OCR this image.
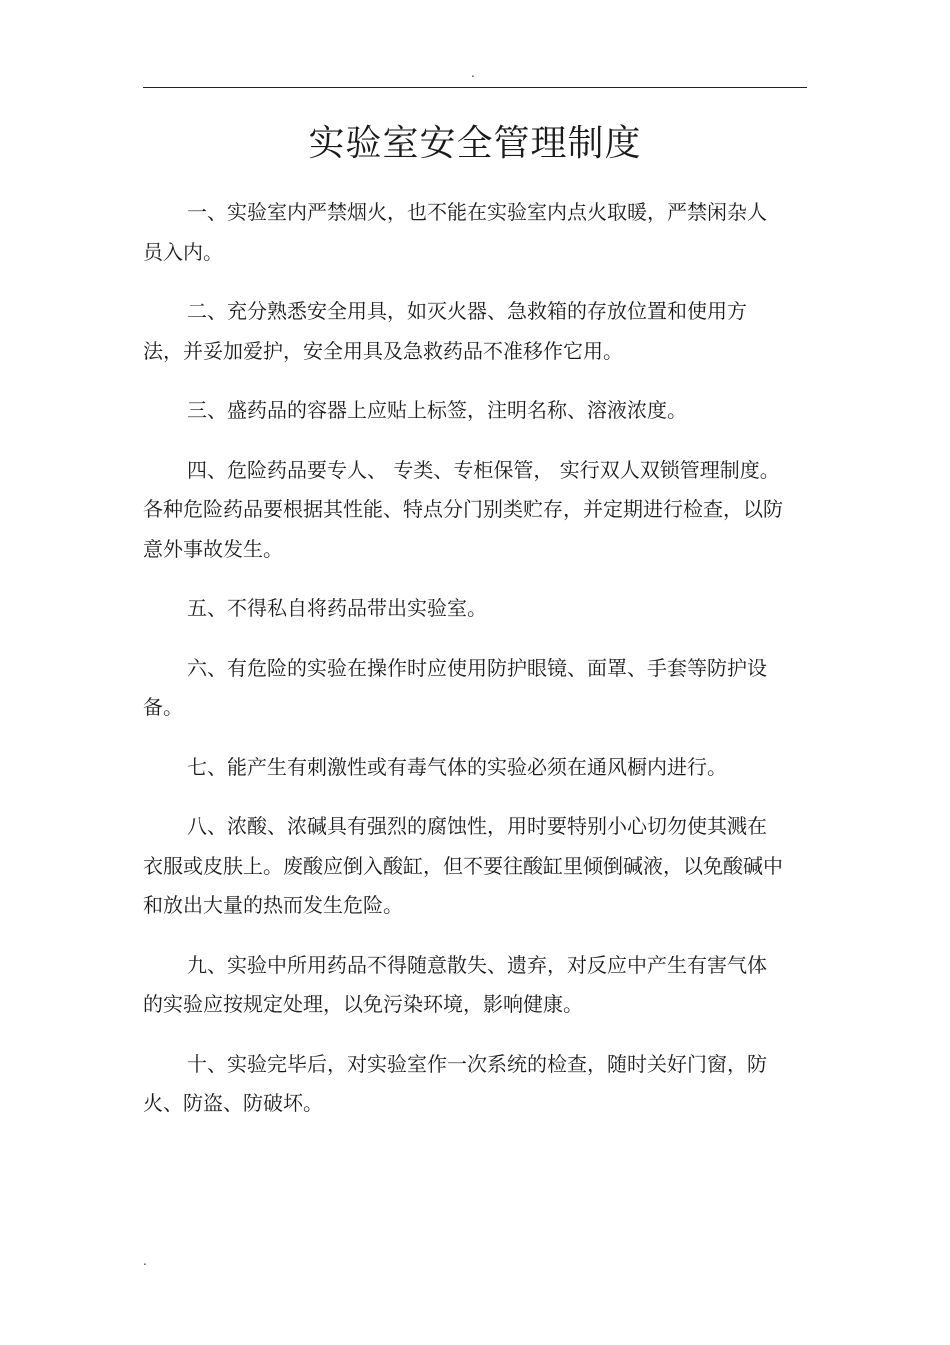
.
实验室安全管理制度

一、实验室内严禁烟火，也不能在实验室内点火取暖，严禁闲杂人员入内。

二、充分熟悉安全用具，如灭火器、急救箱的存放位置和使用方法，并妥加爱护，安全用具及急救药品不准移作它用。

三、盛药品的容器上应贴上标签，注明名称、溶液浓度。

四、危险药品要专人、 专类、专柜保管， 实行双人双锁管理制度。各种危险药品要根据其性能、特点分门别类贮存，并定期进行检查，以防意外事故发生。

五、不得私自将药品带出实验室。

六、有危险的实验在操作时应使用防护眼镜、面罩、手套等防护设备。

七、能产生有刺激性或有毒气体的实验必须在通风橱内进行。

八、浓酸、浓碱具有强烈的腐蚀性，用时要特别小心切勿使其溅在衣服或皮肤上。废酸应倒入酸缸，但不要往酸缸里倾倒碱液，以免酸碱中和放出大量的热而发生危险。

九、实验中所用药品不得随意散失、遗弃，对反应中产生有害气体的实验应按规定处理，以免污染环境，影响健康。

十、实验完毕后，对实验室作一次系统的检查，随时关好门窗，防火、防盗、防破坏。

.
